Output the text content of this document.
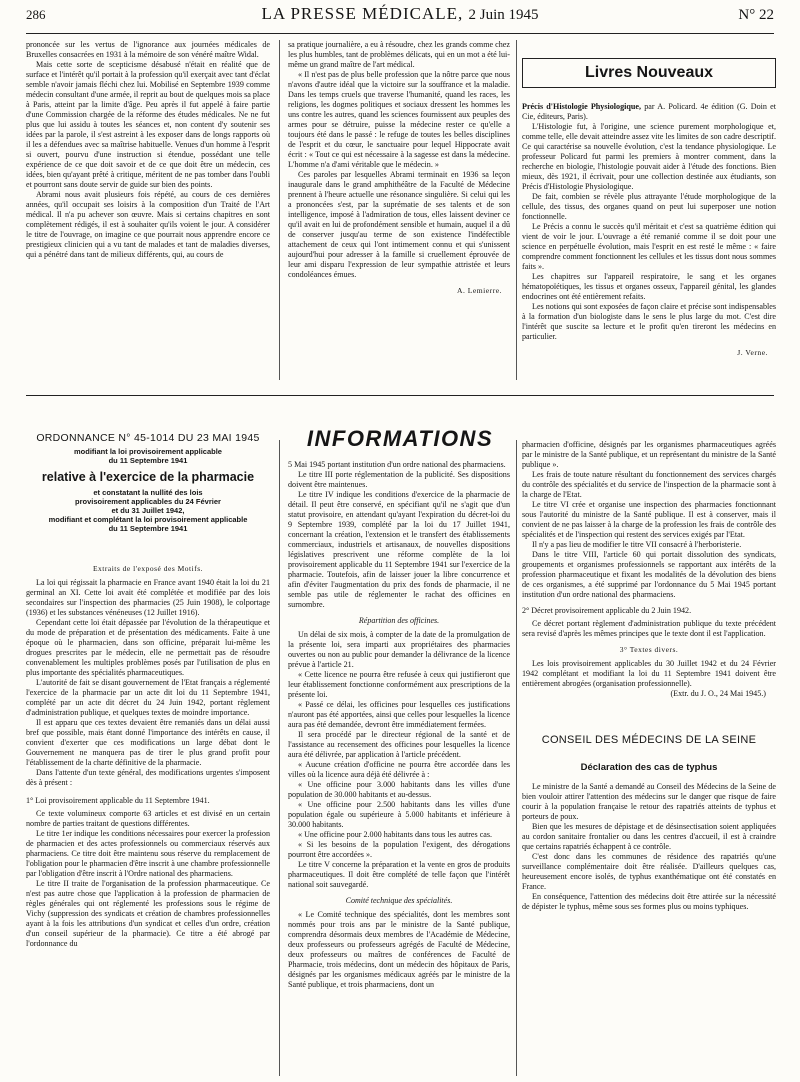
286	LA PRESSE MÉDICALE, 2 Juin 1945	N° 22

prononcée sur les vertus de l'ignorance aux journées médicales de Bruxelles consacrées en 1931 à la mémoire de son vénéré maître Widal.

Mais cette sorte de scepticisme désabusé n'était en réalité que de surface et l'intérêt qu'il portait à la profession qu'il exerçait avec tant d'éclat semble n'avoir jamais fléchi chez lui. Mobilisé en Septembre 1939 comme médecin consultant d'une armée, il reprit au bout de quelques mois sa place à Paris, atteint par la limite d'âge. Peu après il fut appelé à faire partie d'une Commission chargée de la réforme des études médicales. Ne ne fut plus que lui assidu à toutes les séances et, non content d'y soutenir ses idées par la parole, il s'est astreint à les exposer dans de longs rapports où il les a défendues avec sa maîtrise habituelle. Venues d'un homme à l'esprit si ouvert, pourvu d'une instruction si étendue, possédant une telle expérience de ce que doit savoir et de ce que doit être un médecin, ces idées, bien qu'ayant prêté à critique, méritent de ne pas tomber dans l'oubli et pourront sans doute servir de guide sur bien des points.

Abrami nous avait plusieurs fois répété, au cours de ces dernières années, qu'il occupait ses loisirs à la composition d'un Traité de l'Art médical. Il n'a pu achever son œuvre. Mais si certains chapitres en sont complètement rédigés, il est à souhaiter qu'ils voient le jour. A considérer le titre de l'ouvrage, on imagine ce que pourrait nous apprendre encore ce prestigieux clinicien qui a vu tant de malades et tant de maladies diverses, qui a pénétré dans tant de milieux différents, qui, au cours de

sa pratique journalière, a eu à résoudre, chez les grands comme chez les plus humbles, tant de problèmes délicats, qui en un mot a été lui-même un grand maître de l'art médical.

« Il n'est pas de plus belle profession que la nôtre parce que nous n'avons d'autre idéal que la victoire sur la souffrance et la maladie. Dans les temps cruels que traverse l'humanité, quand les races, les religions, les dogmes politiques et sociaux dressent les hommes les uns contre les autres, quand les sciences fournissent aux peuples des armes pour se détruire, puisse la médecine rester ce qu'elle a toujours été dans le passé : le refuge de toutes les belles disciplines de l'esprit et du cœur, le sanctuaire pour lequel Hippocrate avait écrit : « Tout ce qui est nécessaire à la sagesse est dans la médecine. L'homme n'a d'ami véritable que le médecin. »

Ces paroles par lesquelles Abrami terminait en 1936 sa leçon inaugurale dans le grand amphithéâtre de la Faculté de Médecine prennent à l'heure actuelle une résonance singulière. Si celui qui les a prononcées s'est, par la suprématie de ses talents et de son intelligence, imposé à l'admiration de tous, elles laissent deviner ce qu'il avait en lui de profondément sensible et humain, auquel il a dû de conserver jusqu'au terme de son existence l'indéfectible attachement de ceux qui l'ont intimement connu et qui s'unissent aujourd'hui pour adresser à la famille si cruellement éprouvée de leur ami disparu l'expression de leur sympathie attristée et leurs condoléances émues.

A. Lemierre.
Livres Nouveaux

Précis d'Histologie Physiologique, par A. Policard. 4e édition (G. Doin et Cie, éditeurs, Paris).

L'Histologie fut, à l'origine, une science purement morphologique et, comme telle, elle devait atteindre assez vite les limites de son cadre descriptif. Ce qui caractérise sa nouvelle évolution, c'est la tendance physiologique. Le professeur Policard fut parmi les premiers à montrer comment, dans la recherche en biologie, l'histologie pouvait aider à l'étude des fonctions. Bien mieux, dès 1921, il écrivait, pour une collection destinée aux étudiants, son Précis d'Histologie Physiologique.

De fait, combien se révèle plus attrayante l'étude morphologique de la cellule, des tissus, des organes quand on peut lui superposer une notion fonctionnelle.

Le Précis a connu le succès qu'il méritait et c'est sa quatrième édition qui vient de voir le jour. L'ouvrage a été remanié comme il se doit pour une science en perpétuelle évolution, mais l'esprit en est resté le même : « faire comprendre comment fonctionnent les cellules et les tissus dont nous sommes faits ».

Les chapitres sur l'appareil respiratoire, le sang et les organes hématopoïétiques, les tissus et organes osseux, l'appareil génital, les glandes endocrines ont été entièrement refaits.

Les notions qui sont exposées de façon claire et précise sont indispensables à la formation d'un biologiste dans le sens le plus large du mot. C'est dire l'intérêt que suscite sa lecture et le profit qu'en tireront les médecins en particulier.

J. Verne.
INFORMATIONS
ORDONNANCE N° 45-1014 DU 23 MAI 1945
modifiant la loi provisoirement applicable
du 11 Septembre 1941
relative à l'exercice de la pharmacie
et constatant la nullité des lois
provisoirement applicables du 24 Février
et du 31 Juillet 1942,
modifiant et complétant la loi provisoirement applicable
du 11 Septembre 1941
Extraits de l'exposé des Motifs.

La loi qui régissait la pharmacie en France avant 1940 était la loi du 21 germinal an XI. Cette loi avait été complétée et modifiée par des lois secondaires sur l'inspection des pharmacies (25 Juin 1908), le colportage (1936) et les substances vénéneuses (12 Juillet 1916).

Cependant cette loi était dépassée par l'évolution de la thérapeutique et du mode de préparation et de présentation des médicaments. Faite à une époque où le pharmacien, dans son officine, préparait lui-même les drogues prescrites par le médecin, elle ne permettait pas de résoudre convenablement les multiples problèmes posés par l'utilisation de plus en plus importante des spécialités pharmaceutiques.

L'autorité de fait se disant gouvernement de l'Etat français a réglementé l'exercice de la pharmacie par un acte dit loi du 11 Septembre 1941, complété par un acte dit décret du 24 Juin 1942, portant règlement d'administration publique, et quelques textes de moindre importance.

Il est apparu que ces textes devaient être remaniés dans un délai aussi bref que possible, mais étant donné l'importance des intérêts en cause, il convient d'exerter que ces modifications un large débat dont le Gouvernement ne manquera pas de tirer le plus grand profit pour l'établissement de la charte définitive de la pharmacie.

Dans l'attente d'un texte général, des modifications urgentes s'imposent dès à présent :

1° Loi provisoirement applicable du 11 Septembre 1941.

Ce texte volumineux comporte 63 articles et est divisé en un certain nombre de parties traitant de questions différentes.

Le titre 1er indique les conditions nécessaires pour exercer la profession de pharmacien et des actes professionnels ou commerciaux réservés aux pharmaciens. Ce titre doit être maintenu sous réserve du remplacement de l'obligation pour le pharmacien d'être inscrit à une chambre professionnelle par l'obligation d'être inscrit à l'Ordre national des pharmaciens.

Le titre II traite de l'organisation de la profession pharmaceutique. Ce n'est pas autre chose que l'application à la profession de pharmacien de règles générales qui ont réglementé les professions sous le régime de Vichy (suppression des syndicats et création de chambres professionnelles ayant à la fois les attributions d'un syndicat et celles d'un ordre, création d'un conseil supérieur de la pharmacie). Ce titre a été abrogé par l'ordonnance du

5 Mai 1945 portant institution d'un ordre national des pharmaciens.

Le titre III porte réglementation de la publicité. Ses dispositions doivent être maintenues.

Le titre IV indique les conditions d'exercice de la pharmacie de détail. Il peut être conservé, en spécifiant qu'il ne s'agit que d'un statut provisoire, en attendant qu'ayant l'expiration du décret-loi du 9 Septembre 1939, complété par la loi du 17 Juillet 1941, concernant la création, l'extension et le transfert des établissements commerciaux, industriels et artisanaux, de nouvelles dispositions législatives prescrivent une réforme complète de la loi provisoirement applicable du 11 Septembre 1941 sur l'exercice de la pharmacie. Toutefois, afin de laisser jouer la libre concurrence et afin d'éviter l'augmentation du prix des fonds de pharmacie, il ne semble pas utile de réglementer le rachat des officines en surnombre.

Répartition des officines.

Un délai de six mois, à compter de la date de la promulgation de la présente loi, sera imparti aux propriétaires des pharmacies ouvertes ou non au public pour demander la délivrance de la licence prévue à l'article 21.

« Cette licence ne pourra être refusée à ceux qui justifieront que leur établissement fonctionne conformément aux prescriptions de la présente loi.

« Passé ce délai, les officines pour lesquelles ces justifications n'auront pas été apportées, ainsi que celles pour lesquelles la licence aura pas été demandée, devront être immédiatement fermées.

Il sera procédé par le directeur régional de la santé et de l'assistance au recensement des officines pour lesquelles la licence aura été délivrée, par application à l'article précédent.

« Aucune création d'officine ne pourra être accordée dans les villes où la licence aura déjà été délivrée à :

« Une officine pour 3.000 habitants dans les villes d'une population de 30.000 habitants et au-dessus.

« Une officine pour 2.500 habitants dans les villes d'une population égale ou supérieure à 5.000 habitants et inférieure à 30.000 habitants.

« Une officine pour 2.000 habitants dans tous les autres cas.

« Si les besoins de la population l'exigent, des dérogations pourront être accordées ».

Le titre V concerne la préparation et la vente en gros de produits pharmaceutiques. Il doit être complété de telle façon que l'intérêt national soit sauvegardé.

Comité technique des spécialités.

« Le Comité technique des spécialités, dont les membres sont nommés pour trois ans par le ministre de la Santé publique, comprendra désormais deux membres de l'Académie de Médecine, deux professeurs ou professeurs agrégés de Faculté de Médecine, deux professeurs ou maîtres de conférences de Faculté de Pharmacie, trois médecins, dont un médecin des hôpitaux de Paris, désignés par les organismes médicaux agréés par le ministre de la Santé publique, et trois pharmaciens, dont un

pharmacien d'officine, désignés par les organismes pharmaceutiques agréés par le ministre de la Santé publique, et un représentant du ministre de la Santé publique ».

Les frais de toute nature résultant du fonctionnement des services chargés du contrôle des spécialités et du service de l'inspection de la pharmacie sont à la charge de l'Etat.

Le titre VI crée et organise une inspection des pharmacies fonctionnant sous l'autorité du ministre de la Santé publique. Il est à conserver, mais il convient de ne pas laisser à la charge de la profession les frais de contrôle des spécialités et de l'inspection qui restent des services exigés par l'Etat.

Il n'y a pas lieu de modifier le titre VII consacré à l'herboristerie.

Dans le titre VIII, l'article 60 qui portait dissolution des syndicats, groupements et organismes professionnels se rapportant aux intérêts de la profession pharmaceutique et fixant les modalités de la dévolution des biens de ces organismes, a été supprimé par l'ordonnance du 5 Mai 1945 portant institution d'un ordre national des pharmaciens.

2° Décret provisoirement applicable du 2 Juin 1942.

Ce décret portant règlement d'administration publique du texte précédent sera revisé d'après les mêmes principes que le texte dont il est l'application.

3° Textes divers.

Les lois provisoirement applicables du 30 Juillet 1942 et du 24 Février 1942 complétant et modifiant la loi du 11 Septembre 1941 doivent être entièrement abrogées (organisation professionnelle).

(Extr. du J. O., 24 Mai 1945.)
CONSEIL DES MÉDECINS DE LA SEINE
Déclaration des cas de typhus

Le ministre de la Santé a demandé au Conseil des Médecins de la Seine de bien vouloir attirer l'attention des médecins sur le danger que risque de faire courir à la population française le retour des rapatriés atteints de typhus et porteurs de poux.

Bien que les mesures de dépistage et de désinsectisation soient appliquées au cordon sanitaire frontalier ou dans les centres d'accueil, il est à craindre que certains rapatriés échappent à ce contrôle.

C'est donc dans les communes de résidence des rapatriés qu'une surveillance complémentaire doit être réalisée. D'ailleurs quelques cas, heureusement encore isolés, de typhus exanthématique ont été constatés en France.

En conséquence, l'attention des médecins doit être attirée sur la nécessité de dépister le typhus, même sous ses formes plus ou moins typhiques.
